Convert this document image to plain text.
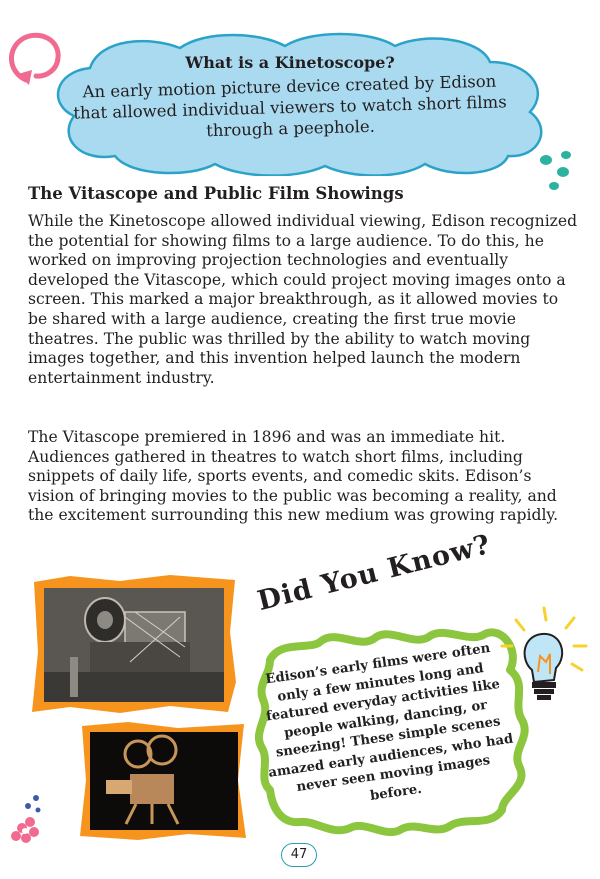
What is a Kinetoscope?
An early motion picture device created by Edison that allowed individual viewers to watch short films through a peephole.
The Vitascope and Public Film Showings
While the Kinetoscope allowed individual viewing, Edison recognized the potential for showing films to a large audience. To do this, he worked on improving projection technologies and eventually developed the Vitascope, which could project moving images onto a screen. This marked a major breakthrough, as it allowed movies to be shared with a large audience, creating the first true movie theatres. The public was thrilled by the ability to watch moving images together, and this invention helped launch the modern entertainment industry.
The Vitascope premiered in 1896 and was an immediate hit. Audiences gathered in theatres to watch short films, including snippets of daily life, sports events, and comedic skits. Edison’s vision of bringing movies to the public was becoming a reality, and the excitement surrounding this new medium was growing rapidly.
Did You Know?
Edison’s early films were often only a few minutes long and featured everyday activities like people walking, dancing, or sneezing! These simple scenes amazed early audiences, who had never seen moving images before.
47
